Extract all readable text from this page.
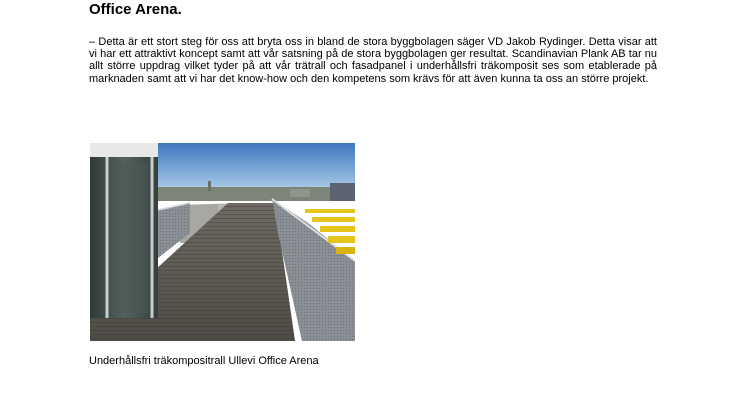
Office Arena.

– Detta är ett stort steg för oss att bryta oss in bland de stora byggbolagen säger VD Jakob Rydinger. Detta visar att vi har ett attraktivt koncept samt att vår satsning på de stora byggbolagen ger resultat. Scandinavian Plank AB tar nu allt större uppdrag vilket tyder på att vår trätrall och fasadpanel i underhållsfri träkomposit ses som etablerade på marknaden samt att vi har det know-how och den kompetens som krävs för att även kunna ta oss an större projekt.

Underhållsfri träkompositrall Ullevi Office Arena
